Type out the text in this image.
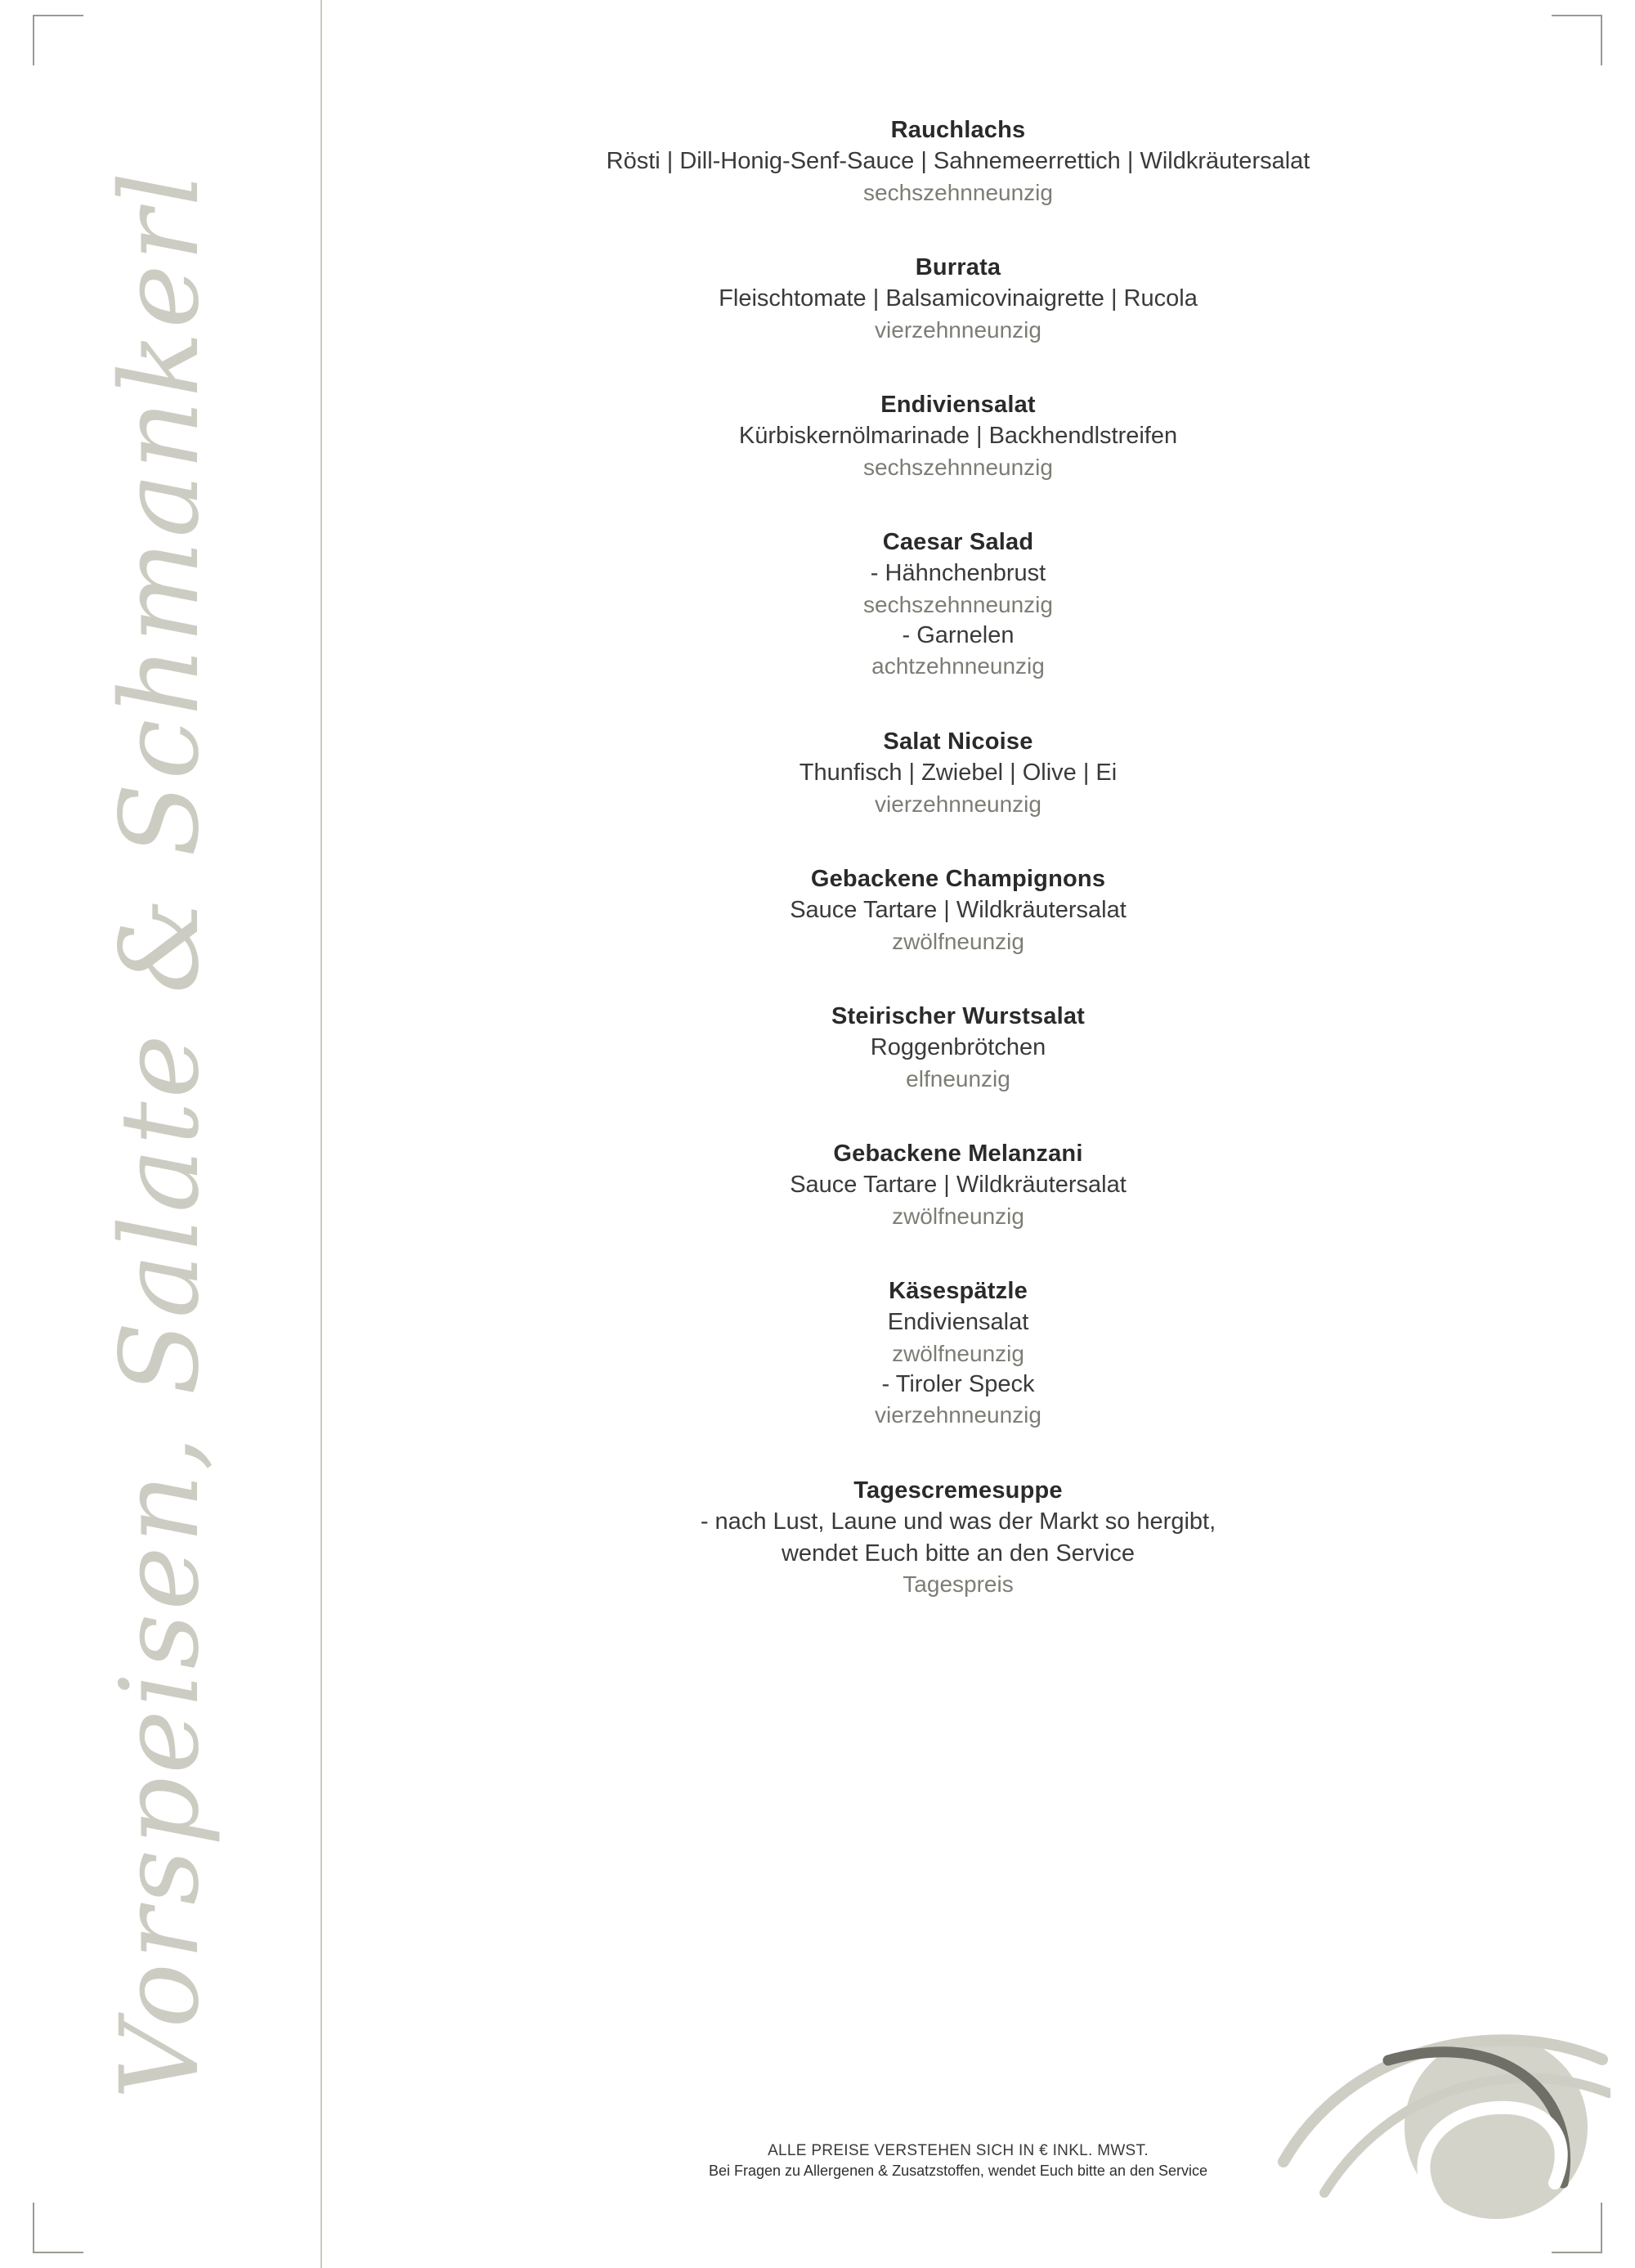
Vorspeisen, Salate & Schmankerl
Rauchlachs
Rösti | Dill-Honig-Senf-Sauce | Sahnemeerrettich | Wildkräutersalat
sechszehnneunzig
Burrata
Fleischtomate | Balsamicovinaigrette | Rucola
vierzehnneunzig
Endiviensalat
Kürbiskernölmarinade | Backhendlstreifen
sechszehnneunzig
Caesar Salad
- Hähnchenbrust
sechszehnneunzig
- Garnelen
achtzehnneunzig
Salat Nicoise
Thunfisch | Zwiebel | Olive | Ei
vierzehnneunzig
Gebackene Champignons
Sauce Tartare | Wildkräutersalat
zwölfneunzig
Steirischer Wurstsalat
Roggenbrötchen
elfneunzig
Gebackene Melanzani
Sauce Tartare | Wildkräutersalat
zwölfneunzig
Käsespätzle
Endiviensalat
zwölfneunzig
- Tiroler Speck
vierzehnneunzig
Tagescremesuppe
- nach Lust, Laune und was der Markt so hergibt,
wendet Euch bitte an den Service
Tagespreis
ALLE PREISE VERSTEHEN SICH IN € INKL. MWST.
Bei Fragen zu Allergenen & Zusatzstoffen, wendet Euch bitte an den Service
